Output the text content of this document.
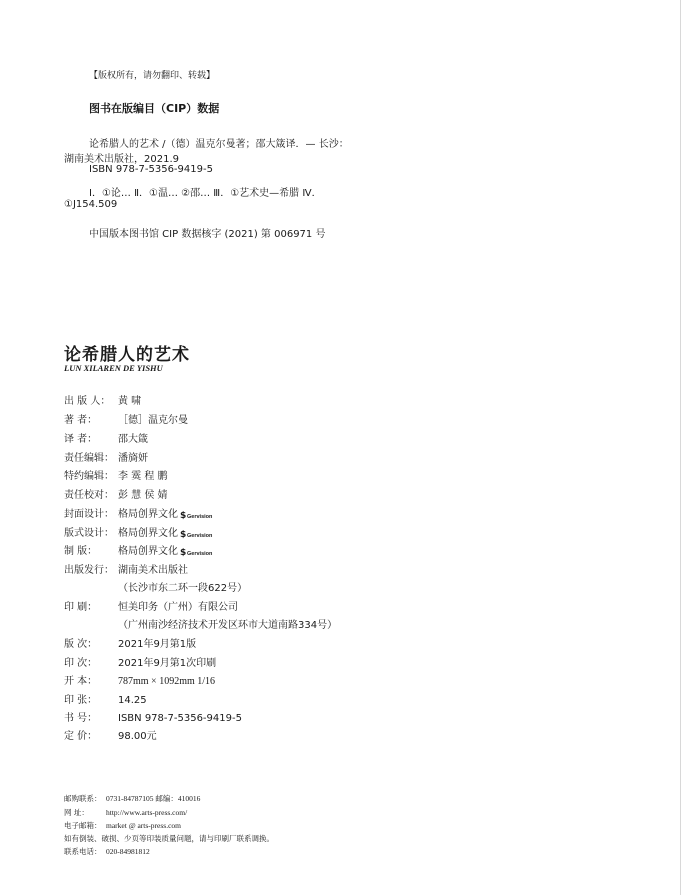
【版权所有，请勿翻印、转载】
图书在版编目（CIP）数据
论希腊人的艺术 /（德）温克尔曼著；邵大箴译．— 长沙：
湖南美术出版社，2021.9
ISBN 978-7-5356-9419-5
Ⅰ．①论… Ⅱ．①温… ②邵… Ⅲ．①艺术史—希腊 Ⅳ．
①J154.509
中国版本图书馆 CIP 数据核字 (2021) 第 006971 号
论希腊人的艺术
LUN XILAREN DE YISHU
出 版 人： 黄 啸
著 者： ［德］温克尔曼
译 者： 邵大箴
责任编辑： 潘旖妍
特约编辑： 李 霙 程 鹏
责任校对： 彭 慧 侯 婧
封面设计： 格局创界文化 $Gervision
版式设计： 格局创界文化 $Gervision
制 版： 格局创界文化 $Gervision
出版发行： 湖南美术出版社
（长沙市东二环一段622号）
印 刷： 恒美印务（广州）有限公司
（广州南沙经济技术开发区环市大道南路334号）
版 次： 2021年9月第1版
印 次： 2021年9月第1次印刷
开 本： 787mm × 1092mm 1/16
印 张： 14.25
书 号： ISBN 978-7-5356-9419-5
定 价： 98.00元
邮购联系： 0731-84787105 邮编：410016
网 址： http://www.arts-press.com/
电子邮箱： market @ arts-press.com
如有倒装、破损、少页等印装质量问题，请与印刷厂联系调换。
联系电话： 020-84981812
